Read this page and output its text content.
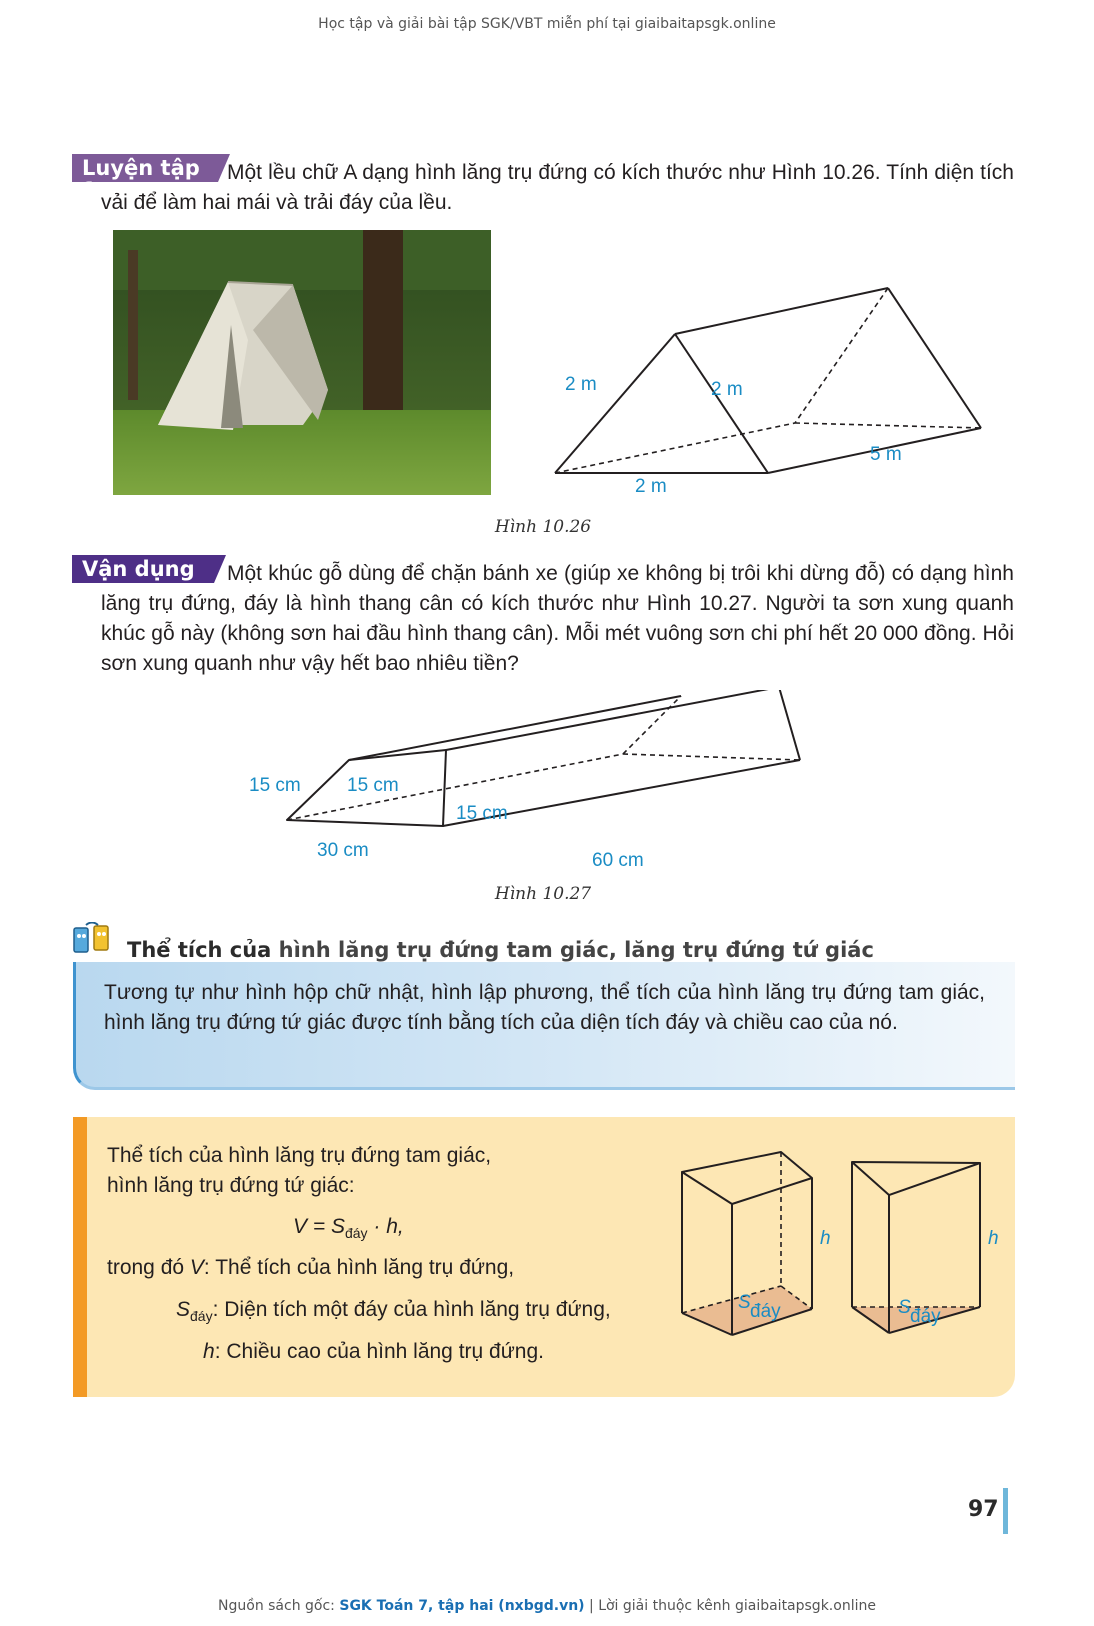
Học tập và giải bài tập SGK/VBT miễn phí tại giaibaitapsgk.online
Luyện tập 1
Một lều chữ A dạng hình lăng trụ đứng có kích thước như Hình 10.26. Tính diện tích vải để làm hai mái và trải đáy của lều.
2 m	2 m
2 m
5 m
Hình 10.26
Vận dụng	Một khúc gỗ dùng để chặn bánh xe (giúp xe không bị trôi khi dừng đỗ) có dạng hình lăng trụ đứng, đáy là hình thang cân có kích thước như Hình 10.27. Người ta sơn xung quanh khúc gỗ này (không sơn hai đầu hình thang cân). Mỗi mét vuông sơn chi phí hết 20 000 đồng. Hỏi sơn xung quanh như vậy hết bao nhiêu tiền?
15 cm 15 cm
15 cm
30 cm	60 cm
Hình 10.27
Thể tích của hình lăng trụ đứng tam giác, lăng trụ đứng tứ giác
Tương tự như hình hộp chữ nhật, hình lập phương, thể tích của hình lăng trụ đứng tam giác, hình lăng trụ đứng tứ giác được tính bằng tích của diện tích đáy và chiều cao của nó.
Thể tích của hình lăng trụ đứng tam giác,
hình lăng trụ đứng tứ giác:
$V = S_{đáy} \cdot h$,
trong đó V: Thể tích của hình lăng trụ đứng,
$S_{đáy}$: Diện tích một đáy của hình lăng trụ đứng,
h: Chiều cao của hình lăng trụ đứng.
h
S đáy
h
S đáy
97
Nguồn sách gốc: SGK Toán 7, tập hai (nxbgd.vn) | Lời giải thuộc kênh giaibaitapsgk.online
